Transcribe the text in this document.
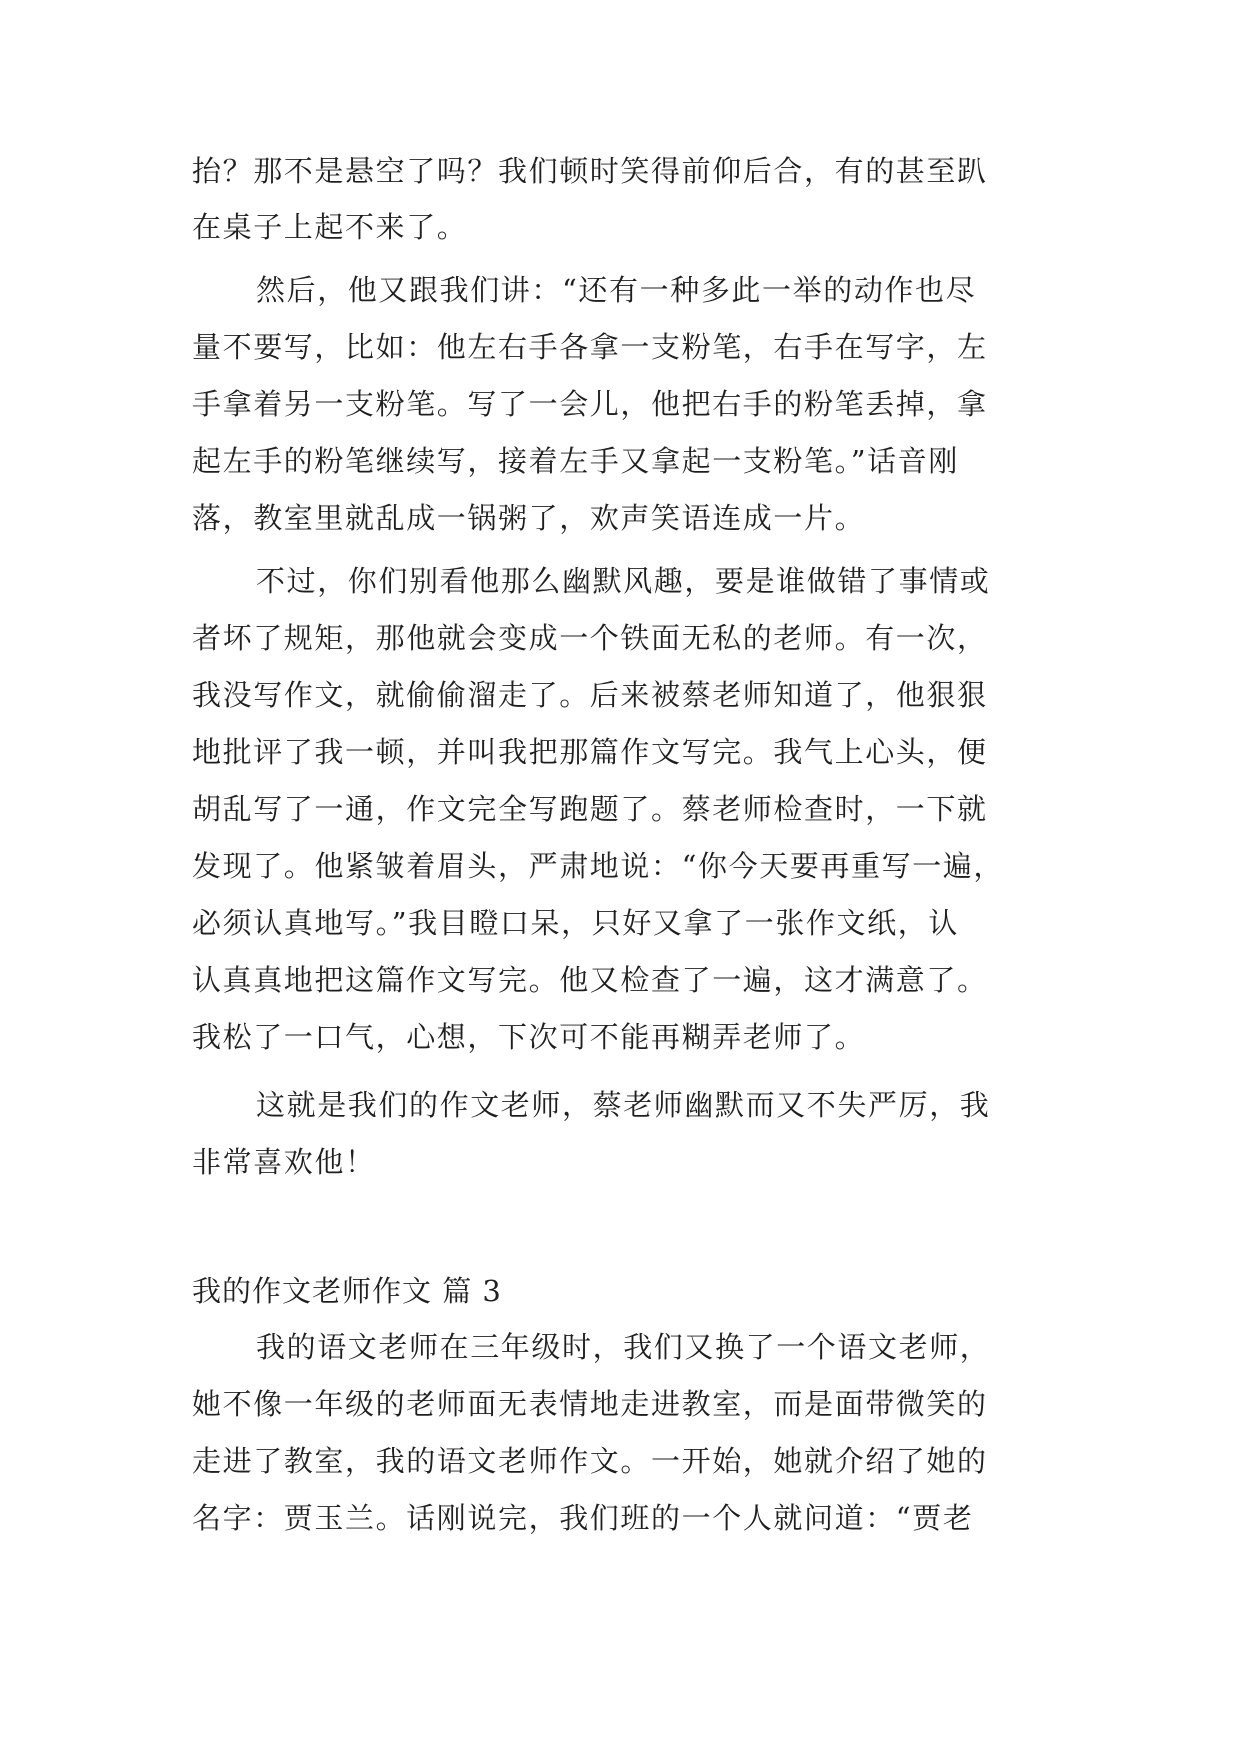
抬？那不是悬空了吗？我们顿时笑得前仰后合，有的甚至趴
在桌子上起不来了。
然后，他又跟我们讲：“还有一种多此一举的动作也尽
量不要写，比如：他左右手各拿一支粉笔，右手在写字，左
手拿着另一支粉笔。写了一会儿，他把右手的粉笔丢掉，拿
起左手的粉笔继续写，接着左手又拿起一支粉笔。”话音刚
落，教室里就乱成一锅粥了，欢声笑语连成一片。
不过，你们别看他那么幽默风趣，要是谁做错了事情或
者坏了规矩，那他就会变成一个铁面无私的老师。有一次，
我没写作文，就偷偷溜走了。后来被蔡老师知道了，他狠狠
地批评了我一顿，并叫我把那篇作文写完。我气上心头，便
胡乱写了一通，作文完全写跑题了。蔡老师检查时，一下就
发现了。他紧皱着眉头，严肃地说：“你今天要再重写一遍，
必须认真地写。”我目瞪口呆，只好又拿了一张作文纸，认
认真真地把这篇作文写完。他又检查了一遍，这才满意了。
我松了一口气，心想，下次可不能再糊弄老师了。
这就是我们的作文老师，蔡老师幽默而又不失严厉，我
非常喜欢他！
我的作文老师作文 篇 3
我的语文老师在三年级时，我们又换了一个语文老师，
她不像一年级的老师面无表情地走进教室，而是面带微笑的
走进了教室，我的语文老师作文。一开始，她就介绍了她的
名字：贾玉兰。话刚说完，我们班的一个人就问道：“贾老
